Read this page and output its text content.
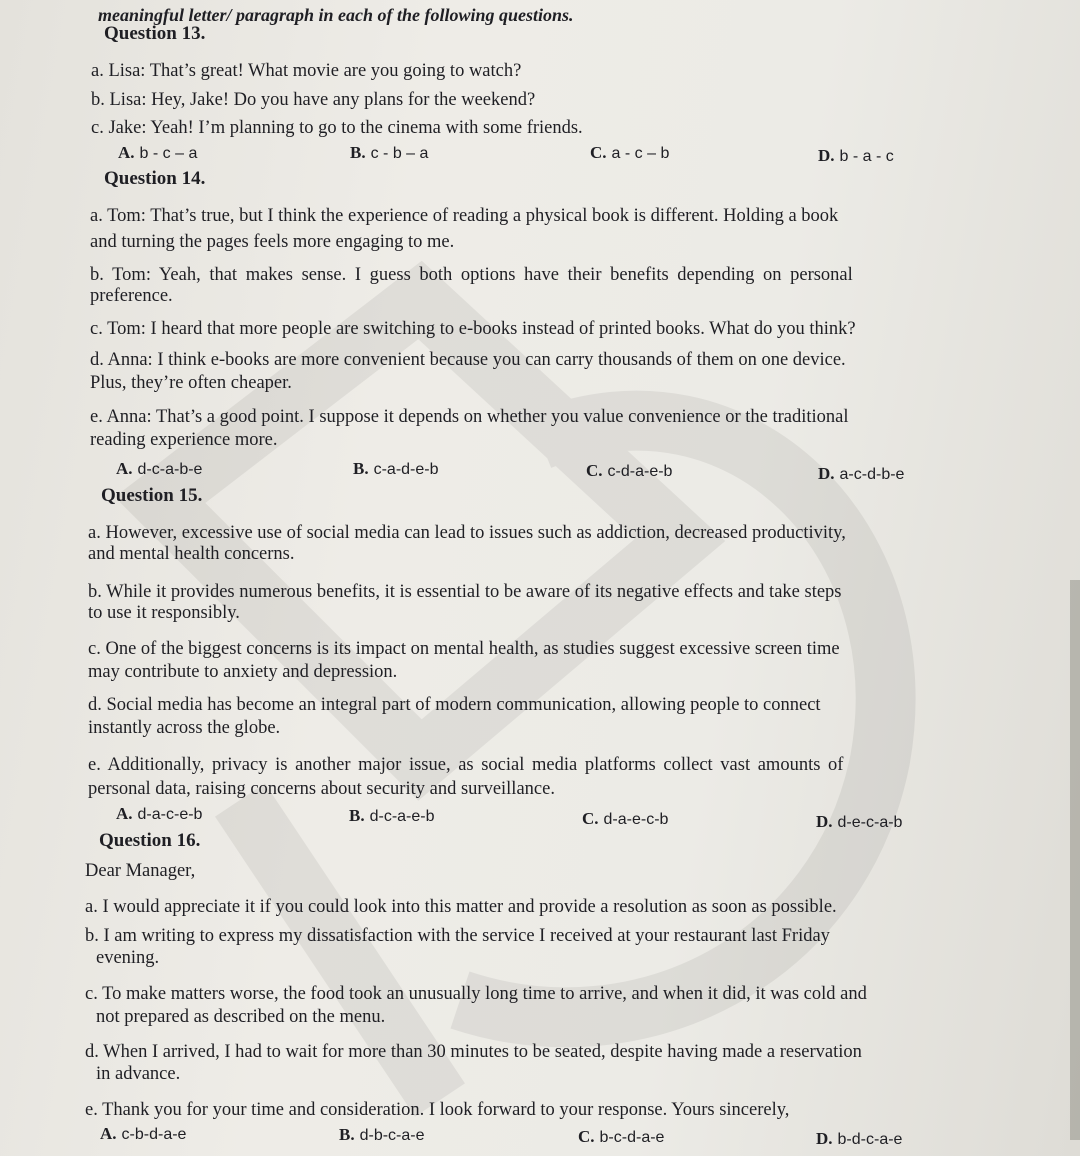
meaningful letter/ paragraph in each of the following questions.
Question 13.
a. Lisa: That’s great! What movie are you going to watch?
b. Lisa: Hey, Jake! Do you have any plans for the weekend?
c. Jake: Yeah! I’m planning to go to the cinema with some friends.
A. b - c – a	B. c - b – a	C. a - c – b	D. b - a - c
Question 14.
a. Tom: That’s true, but I think the experience of reading a physical book is different. Holding a book
and turning the pages feels more engaging to me.
b. Tom: Yeah, that makes sense. I guess both options have their benefits depending on personal
preference.
c. Tom: I heard that more people are switching to e-books instead of printed books. What do you think?
d. Anna: I think e-books are more convenient because you can carry thousands of them on one device.
Plus, they’re often cheaper.
e. Anna: That’s a good point. I suppose it depends on whether you value convenience or the traditional
reading experience more.
A. d-c-a-b-e	B. c-a-d-e-b	C. c-d-a-e-b	D. a-c-d-b-e
Question 15.
a. However, excessive use of social media can lead to issues such as addiction, decreased productivity,
and mental health concerns.
b. While it provides numerous benefits, it is essential to be aware of its negative effects and take steps
to use it responsibly.
c. One of the biggest concerns is its impact on mental health, as studies suggest excessive screen time
may contribute to anxiety and depression.
d. Social media has become an integral part of modern communication, allowing people to connect
instantly across the globe.
e. Additionally, privacy is another major issue, as social media platforms collect vast amounts of
personal data, raising concerns about security and surveillance.
A. d-a-c-e-b	B. d-c-a-e-b	C. d-a-e-c-b	D. d-e-c-a-b
Question 16.
Dear Manager,
a. I would appreciate it if you could look into this matter and provide a resolution as soon as possible.
b. I am writing to express my dissatisfaction with the service I received at your restaurant last Friday
evening.
c. To make matters worse, the food took an unusually long time to arrive, and when it did, it was cold and
not prepared as described on the menu.
d. When I arrived, I had to wait for more than 30 minutes to be seated, despite having made a reservation
in advance.
e. Thank you for your time and consideration. I look forward to your response. Yours sincerely,
A. c-b-d-a-e	B. d-b-c-a-e	C. b-c-d-a-e	D. b-d-c-a-e
